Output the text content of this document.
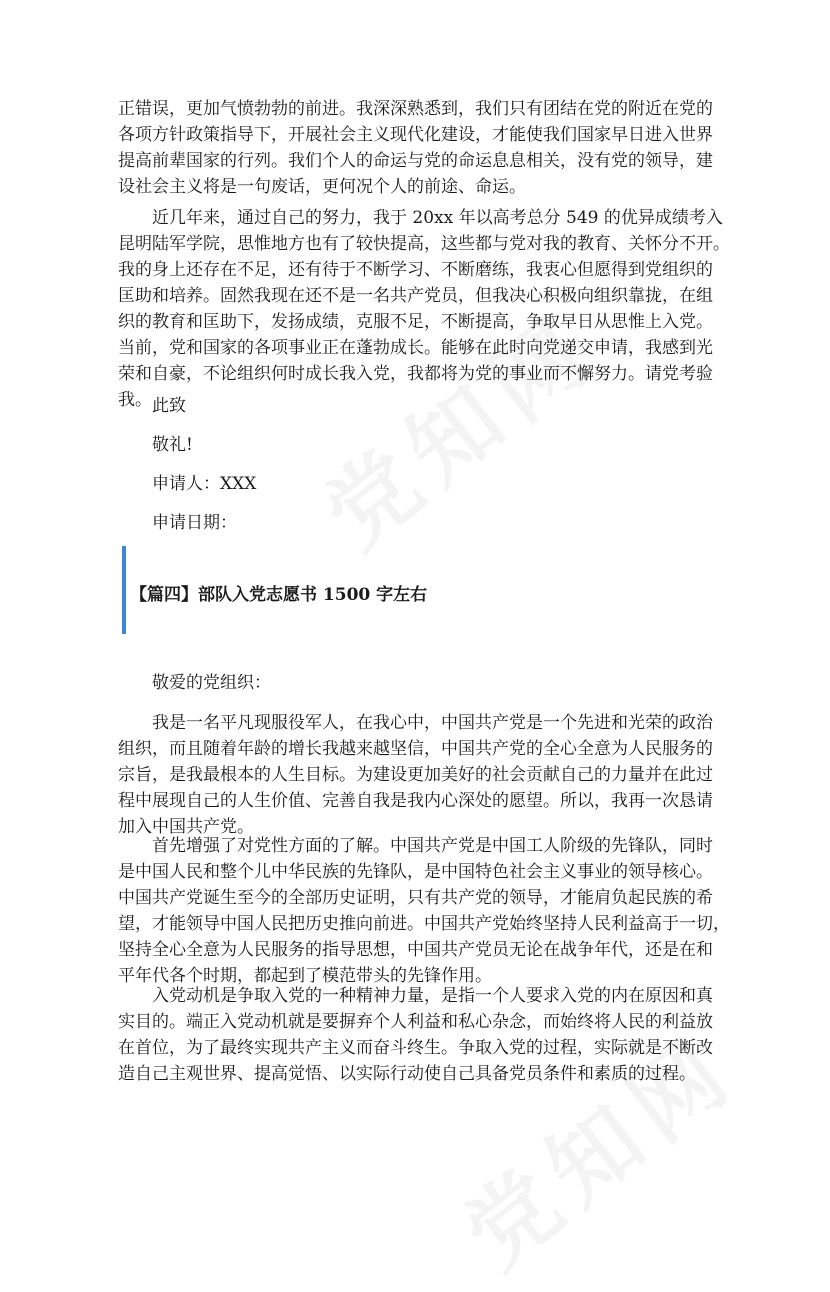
正错误，更加气愤勃勃的前进。我深深熟悉到，我们只有团结在党的附近在党的
各项方针政策指导下，开展社会主义现代化建设，才能使我们国家早日进入世界
提高前辈国家的行列。我们个人的命运与党的命运息息相关，没有党的领导，建
设社会主义将是一句废话，更何况个人的前途、命运。
近几年来，通过自己的努力，我于 20xx 年以高考总分 549 的优异成绩考入
昆明陆军学院，思惟地方也有了较快提高，这些都与党对我的教育、关怀分不开。
我的身上还存在不足，还有待于不断学习、不断磨练，我衷心但愿得到党组织的
匡助和培养。固然我现在还不是一名共产党员，但我决心积极向组织靠拢，在组
织的教育和匡助下，发扬成绩，克服不足，不断提高，争取早日从思惟上入党。
当前，党和国家的各项事业正在蓬勃成长。能够在此时向党递交申请，我感到光
荣和自豪，不论组织何时成长我入党，我都将为党的事业而不懈努力。请党考验
我。 此致
敬礼!
申请人：XXX
申请日期：
【篇四】部队入党志愿书 1500 字左右
敬爱的党组织：
我是一名平凡现服役军人，在我心中，中国共产党是一个先进和光荣的政治
组织，而且随着年龄的增长我越来越坚信，中国共产党的全心全意为人民服务的
宗旨，是我最根本的人生目标。为建设更加美好的社会贡献自己的力量并在此过
程中展现自己的人生价值、完善自我是我内心深处的愿望。所以，我再一次恳请
加入中国共产党。
首先增强了对党性方面的了解。中国共产党是中国工人阶级的先锋队，同时
是中国人民和整个儿中华民族的先锋队，是中国特色社会主义事业的领导核心。
中国共产党诞生至今的全部历史证明，只有共产党的领导，才能肩负起民族的希
望，才能领导中国人民把历史推向前进。中国共产党始终坚持人民利益高于一切，
坚持全心全意为人民服务的指导思想，中国共产党员无论在战争年代，还是在和
平年代各个时期，都起到了模范带头的先锋作用。
入党动机是争取入党的一种精神力量，是指一个人要求入党的内在原因和真
实目的。端正入党动机就是要摒弃个人利益和私心杂念，而始终将人民的利益放
在首位，为了最终实现共产主义而奋斗终生。争取入党的过程，实际就是不断改
造自己主观世界、提高觉悟、以实际行动使自己具备党员条件和素质的过程。
